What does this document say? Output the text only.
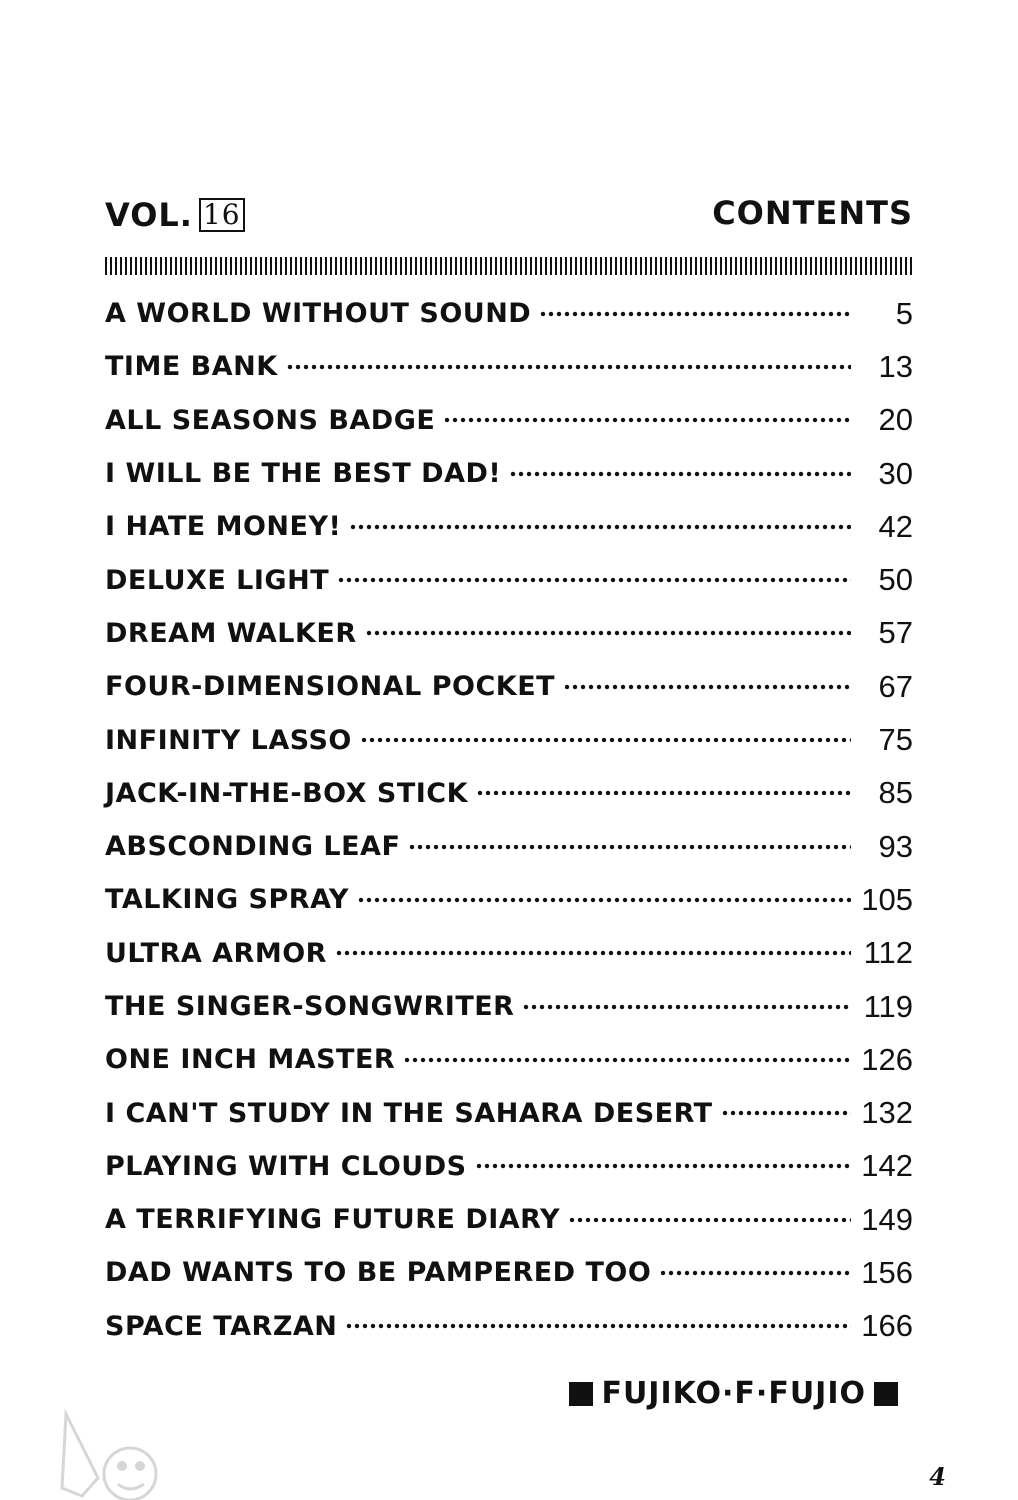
VOL. 16	CONTENTS
A WORLD WITHOUT SOUND	5
TIME BANK	13
ALL SEASONS BADGE	20
I WILL BE THE BEST DAD!	30
I HATE MONEY!	42
DELUXE LIGHT	50
DREAM WALKER	57
FOUR-DIMENSIONAL POCKET	67
INFINITY LASSO	75
JACK-IN-THE-BOX STICK	85
ABSCONDING LEAF	93
TALKING SPRAY	105
ULTRA ARMOR	112
THE SINGER-SONGWRITER	119
ONE INCH MASTER	126
I CAN'T STUDY IN THE SAHARA DESERT	132
PLAYING WITH CLOUDS	142
A TERRIFYING FUTURE DIARY	149
DAD WANTS TO BE PAMPERED TOO	156
SPACE TARZAN	166
FUJIKO·F·FUJIO
4
